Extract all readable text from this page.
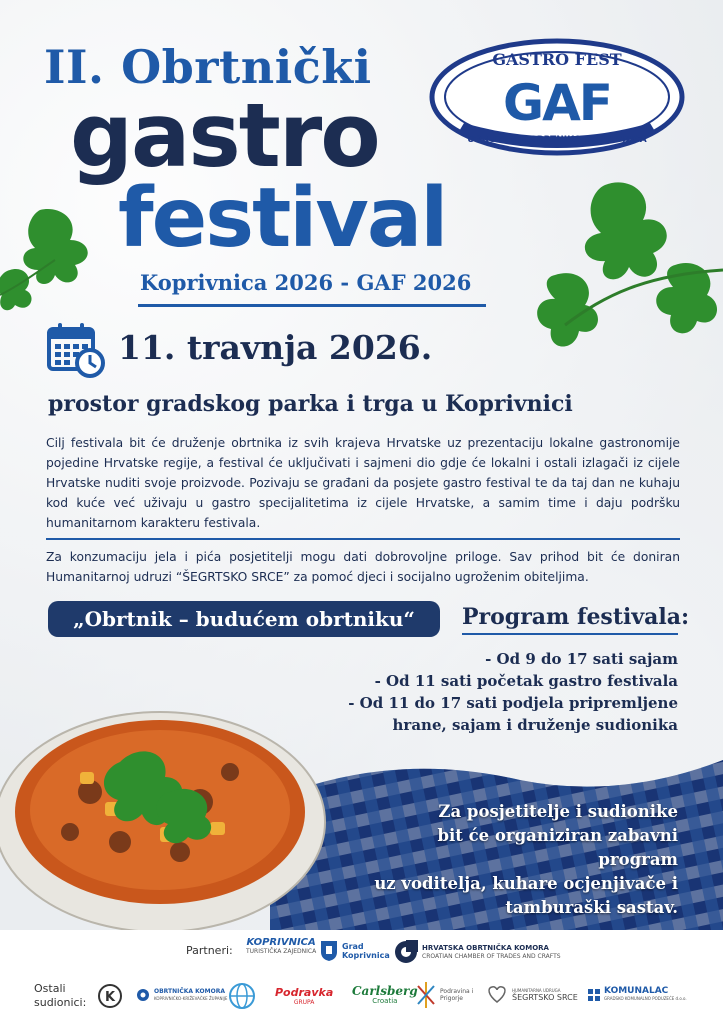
II. Obrtnički
gastro
festival
Koprivnica 2026 - GAF 2026
GASTRO FEST
GAF
UDRUŽENJE OBRTNIKA KOPRIVNICA
11. travnja 2026.
prostor gradskog parka i trga u Koprivnici

Cilj festivala bit će druženje obrtnika iz svih krajeva Hrvatske uz prezentaciju lokalne gastronomije pojedine Hrvatske regije, a festival će uključivati i sajmeni dio gdje će lokalni i ostali izlagači iz cijele Hrvatske nuditi svoje proizvode. Pozivaju se građani da posjete gastro festival te da taj dan ne kuhaju kod kuće već uživaju u gastro specijalitetima iz cijele Hrvatske, a samim time i daju podršku humanitarnom karakteru festivala.

Za konzumaciju jela i pića posjetitelji mogu dati dobrovoljne priloge. Sav prihod bit će doniran Humanitarnoj udruzi “ŠEGRTSKO SRCE” za pomoć djeci i socijalno ugroženim obiteljima.

„Obrtnik – budućem obrtniku“	Program festivala:
- Od 9 do 17 sati sajam
- Od 11 sati početak gastro festivala
- Od 11 do 17 sati podjela pripremljene
hrane, sajam i druženje sudionika
Za posjetitelje i sudionike
bit će organiziran zabavni program
uz voditelja, kuhare ocjenjivače i
tamburaški sastav.
Partneri:
Ostali
sudionici:
KOPRIVNICA
TURISTIČKA ZAJEDNICA
Grad
Koprivnica
HRVATSKA OBRTNIČKA KOMORA
CROATIAN CHAMBER OF TRADES AND CRAFTS
K	OBRTNIČKA KOMORA
KOPRIVNIČKO-KRIŽEVAČKE ŽUPANIJE	Podravka
GRUPA
Carlsberg
Croatia
Podravina i Prigorje
HUMANITARNA UDRUGA
ŠEGRTSKO SRCE
KOMUNALAC
GRADSKO KOMUNALNO PODUZEĆE d.o.o.
